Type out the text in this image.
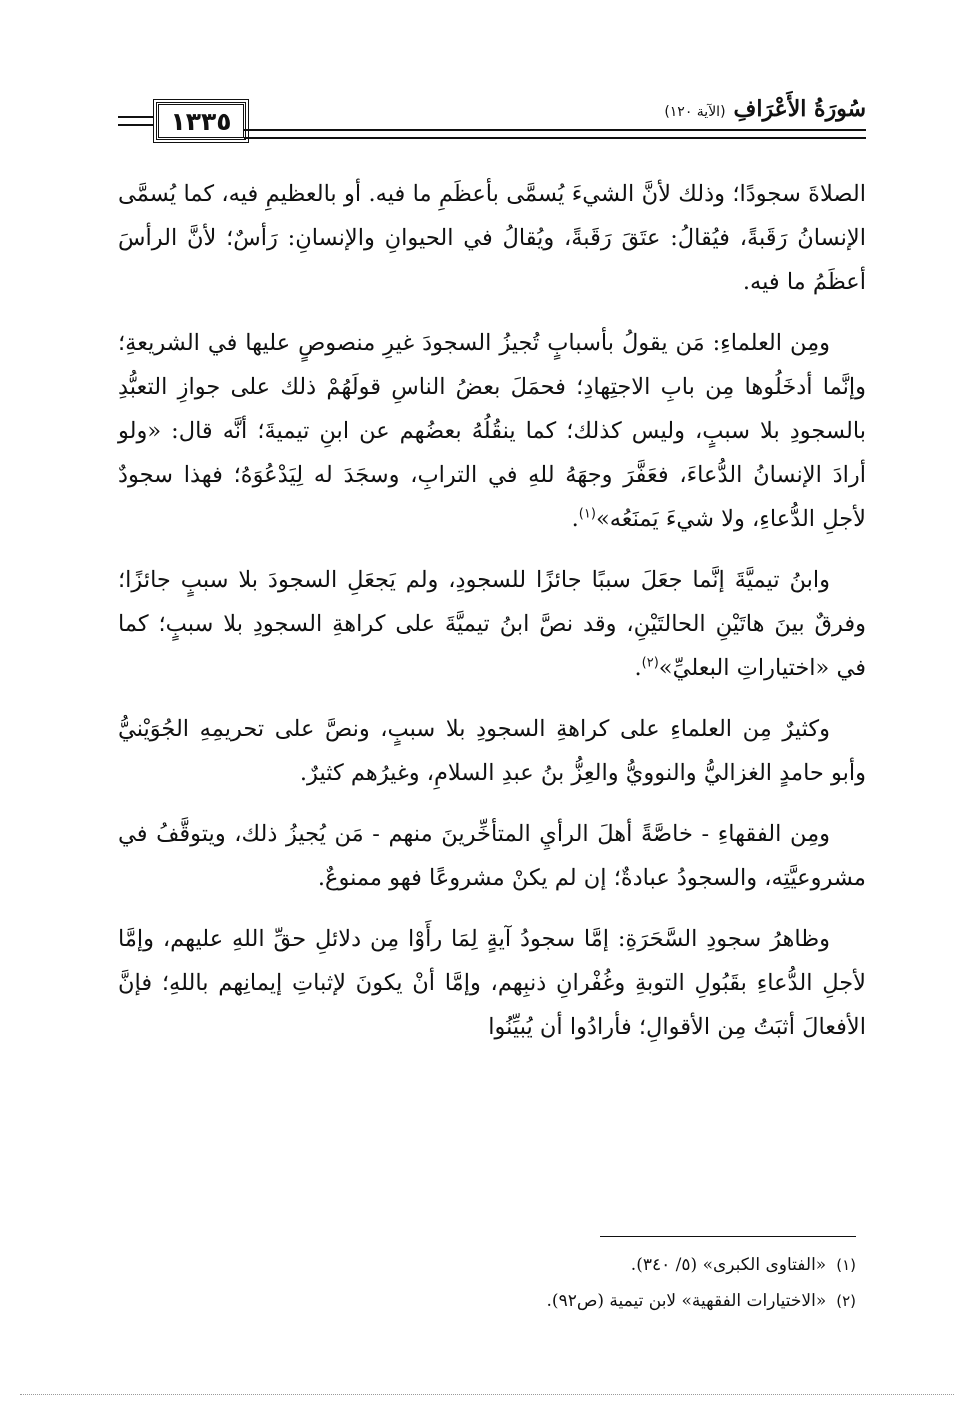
١٣٣٥	سُورَةُ الأَعْرَافِ
(الآية ١٢٠)

الصلاةَ سجودًا؛ وذلك لأنَّ الشيءَ يُسمَّى بأعظَمِ ما فيه. أو بالعظيمِ فيه، كما يُسمَّى الإنسانُ رَقَبةً، فيُقالُ: عتَقَ رَقَبةً، ويُقالُ في الحيوانِ والإنسانِ: رَأسٌ؛ لأنَّ الرأسَ أعظَمُ ما فيه.

ومِن العلماءِ: مَن يقولُ بأسبابٍ تُجيزُ السجودَ غيرِ منصوصٍ عليها في الشريعةِ؛ وإنَّما أدخَلُوها مِن بابِ الاجتِهادِ؛ فحمَلَ بعضُ الناسِ قولَهُمْ ذلك على جوازِ التعبُّدِ بالسجودِ بلا سببٍ، وليس كذلك؛ كما ينقُلُهُ بعضُهم عن ابنِ تيميةَ؛ أنَّه قال: «ولو أرادَ الإنسانُ الدُّعاءَ، فعَفَّرَ وجهَهُ للهِ في الترابِ، وسجَدَ له لِيَدْعُوَهُ؛ فهذا سجودٌ لأجلِ الدُّعاءِ، ولا شيءَ يَمنَعُه»$^{(١)}$.

وابنُ تيميَّةَ إنَّما جعَلَ سببًا جائزًا للسجودِ، ولم يَجعَلِ السجودَ بلا سببٍ جائزًا؛ وفرقٌ بينَ هاتَيْنِ الحالتَيْنِ، وقد نصَّ ابنُ تيميَّةَ على كراهةِ السجودِ بلا سببٍ؛ كما في «اختياراتِ البعليِّ»$^{(٢)}$.

وكثيرٌ مِن العلماءِ على كراهةِ السجودِ بلا سببٍ، ونصَّ على تحريمِهِ الجُوَيْنيُّ وأبو حامدٍ الغزاليُّ والنوويُّ والعِزُّ بنُ عبدِ السلامِ، وغيرُهم كثيرٌ.

ومِن الفقهاءِ - خاصَّةً أهلَ الرأيِ المتأخِّرينَ منهم - مَن يُجيزُ ذلك، ويتوقَّفُ في مشروعيَّتِه، والسجودُ عبادةٌ؛ إن لم يكنْ مشروعًا فهو ممنوعٌ.

وظاهرُ سجودِ السَّحَرَةِ: إمَّا سجودُ آيةٍ لِمَا رأَوْا مِن دلائلِ حقِّ اللهِ عليهم، وإمَّا لأجلِ الدُّعاءِ بقَبُولِ التوبةِ وغُفْرانِ ذنبِهم، وإمَّا أنْ يكونَ لإثباتِ إيمانِهم باللهِ؛ فإنَّ الأفعالَ أثبَتُ مِن الأقوالِ؛ فأرادُوا أن يُبيِّنُوا

(١)«الفتاوى الكبرى» (٥/ ٣٤٠).
(٢)«الاختيارات الفقهية» لابن تيمية (ص٩٢).
